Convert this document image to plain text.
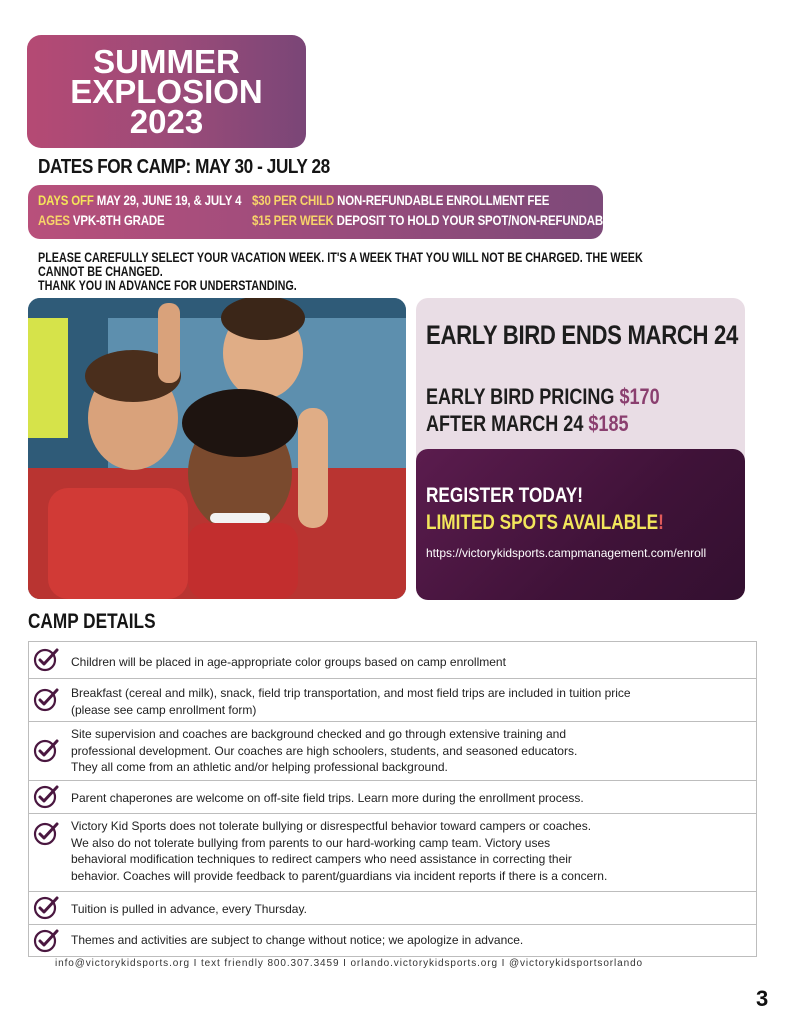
SUMMER
EXPLOSION
2023
DATES FOR CAMP: MAY 30 - JULY 28
DAYS OFF MAY 29, JUNE 19, & JULY 4
AGES VPK-8TH GRADE
$30 PER CHILD NON-REFUNDABLE ENROLLMENT FEE
$15 PER WEEK DEPOSIT TO HOLD YOUR SPOT/NON-REFUNDABLE
PLEASE CAREFULLY SELECT YOUR VACATION WEEK. IT'S A WEEK THAT YOU WILL NOT BE CHARGED. THE WEEK CANNOT BE CHANGED.
THANK YOU IN ADVANCE FOR UNDERSTANDING.
EARLY BIRD ENDS MARCH 24
EARLY BIRD PRICING $170
AFTER MARCH 24 $185
REGISTER TODAY!
LIMITED SPOTS AVAILABLE!
https://victorykidsports.campmanagement.com/enroll
CAMP DETAILS
Children will be placed in age-appropriate color groups based on camp enrollment
Breakfast (cereal and milk), snack, field trip transportation, and most field trips are included in tuition price
(please see camp enrollment form)
Site supervision and coaches are background checked and go through extensive training and
professional development. Our coaches are high schoolers, students, and seasoned educators.
They all come from an athletic and/or helping professional background.
Parent chaperones are welcome on off-site field trips. Learn more during the enrollment process.
Victory Kid Sports does not tolerate bullying or disrespectful behavior toward campers or coaches.
We also do not tolerate bullying from parents to our hard-working camp team. Victory uses
behavioral modification techniques to redirect campers who need assistance in correcting their
behavior. Coaches will provide feedback to parent/guardians via incident reports if there is a concern.
Tuition is pulled in advance, every Thursday.
Themes and activities are subject to change without notice; we apologize in advance.
info@victorykidsports.org I text friendly 800.307.3459 I orlando.victorykidsports.org I @victorykidsportsorlando
3
